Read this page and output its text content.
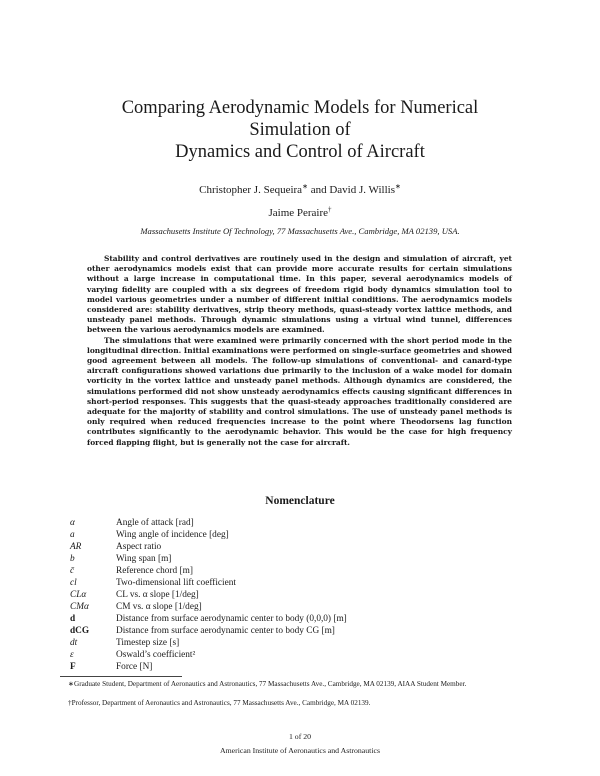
Comparing Aerodynamic Models for Numerical
Simulation of
Dynamics and Control of Aircraft
Christopher J. Sequeira∗ and David J. Willis∗
Jaime Peraire†
Massachusetts Institute Of Technology, 77 Massachusetts Ave., Cambridge, MA 02139, USA.

Stability and control derivatives are routinely used in the design and simulation of aircraft, yet other aerodynamics models exist that can provide more accurate results for certain simulations without a large increase in computational time. In this paper, several aerodynamics models of varying fidelity are coupled with a six degrees of freedom rigid body dynamics simulation tool to model various geometries under a number of different initial conditions. The aerodynamics models considered are: stability derivatives, strip theory methods, quasi-steady vortex lattice methods, and unsteady panel methods. Through dynamic simulations using a virtual wind tunnel, differences between the various aerodynamics models are examined.

The simulations that were examined were primarily concerned with the short period mode in the longitudinal direction. Initial examinations were performed on single-surface geometries and showed good agreement between all models. The follow-up simulations of conventional- and canard-type aircraft configurations showed variations due primarily to the inclusion of a wake model for domain vorticity in the vortex lattice and unsteady panel methods. Although dynamics are considered, the simulations performed did not show unsteady aerodynamics effects causing significant differences in short-period responses. This suggests that the quasi-steady approaches traditionally considered are adequate for the majority of stability and control simulations. The use of unsteady panel methods is only required when reduced frequencies increase to the point where Theodorsens lag function contributes significantly to the aerodynamic behavior. This would be the case for high frequency forced flapping flight, but is generally not the case for aircraft.

Nomenclature
α	Angle of attack [rad]
a	Wing angle of incidence [deg]
AR	Aspect ratio
b	Wing span [m]
c̄	Reference chord [m]
cl	Two-dimensional lift coefficient
CLα	CL vs. α slope [1/deg]
CMα	CM vs. α slope [1/deg]
d	Distance from surface aerodynamic center to body (0,0,0) [m]
dCG	Distance from surface aerodynamic center to body CG [m]
dt	Timestep size [s]
ε	Oswald’s coefficient²
F	Force [N]
∗Graduate Student, Department of Aeronautics and Astronautics, 77 Massachusetts Ave., Cambridge, MA 02139, AIAA Student Member.
†Professor, Department of Aeronautics and Astronautics, 77 Massachusetts Ave., Cambridge, MA 02139.
1 of 20
American Institute of Aeronautics and Astronautics
